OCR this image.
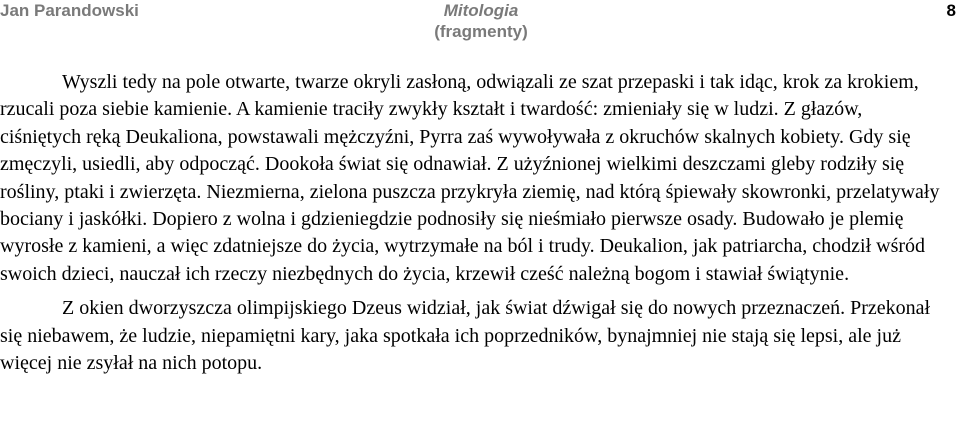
Jan Parandowski	Mitologia
(fragmenty)
8

Wyszli tedy na pole otwarte, twarze okryli zasłoną, odwiązali ze szat przepaski i tak idąc, krok za krokiem, rzucali poza siebie kamienie. A kamienie traciły zwykły kształt i twardość: zmieniały się w ludzi. Z głazów, ciśniętych ręką Deukaliona, powstawali mężczyźni, Pyrra zaś wywoływała z okruchów skalnych kobiety. Gdy się zmęczyli, usiedli, aby odpocząć. Dookoła świat się odnawiał. Z użyźnionej wielkimi deszczami gleby rodziły się rośliny, ptaki i zwierzęta. Niezmierna, zielona puszcza przykryła ziemię, nad którą śpiewały skowronki, przelatywały bociany i jaskółki. Dopiero z wolna i gdzieniegdzie podnosiły się nieśmiało pierwsze osady. Budowało je plemię wyrosłe z kamieni, a więc zdatniejsze do życia, wytrzymałe na ból i trudy. Deukalion, jak patriarcha, chodził wśród swoich dzieci, nauczał ich rzeczy niezbędnych do życia, krzewił cześć należną bogom i stawiał świątynie.

Z okien dworzyszcza olimpijskiego Dzeus widział, jak świat dźwigał się do nowych przeznaczeń. Przekonał się niebawem, że ludzie, niepamiętni kary, jaka spotkała ich poprzedników, bynajmniej nie stają się lepsi, ale już więcej nie zsyłał na nich potopu.
